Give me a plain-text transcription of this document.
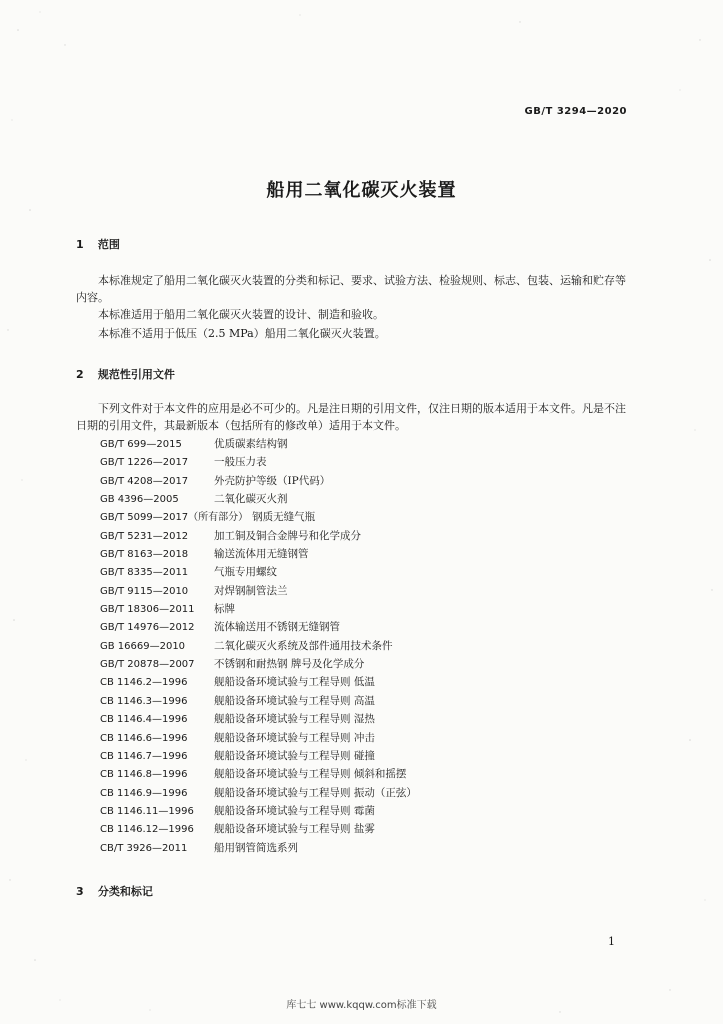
GB/T 3294—2020
船用二氧化碳灭火装置
1 范围
本标准规定了船用二氧化碳灭火装置的分类和标记、要求、试验方法、检验规则、标志、包装、运输和贮存等内容。
本标准适用于船用二氧化碳灭火装置的设计、制造和验收。
本标准不适用于低压（2.5 MPa）船用二氧化碳灭火装置。
2 规范性引用文件
下列文件对于本文件的应用是必不可少的。凡是注日期的引用文件，仅注日期的版本适用于本文件。凡是不注日期的引用文件，其最新版本（包括所有的修改单）适用于本文件。
GB/T 699—2015	优质碳素结构钢
GB/T 1226—2017 一般压力表
GB/T 4208—2017 外壳防护等级（IP代码）
GB 4396—2005	二氧化碳灭火剂
GB/T 5099—2017（所有部分） 钢质无缝气瓶
GB/T 5231—2012 加工铜及铜合金牌号和化学成分
GB/T 8163—2018 输送流体用无缝钢管
GB/T 8335—2011 气瓶专用螺纹
GB/T 9115—2010 对焊钢制管法兰
GB/T 18306—2011 标牌
GB/T 14976—2012 流体输送用不锈钢无缝钢管
GB 16669—2010	二氧化碳灭火系统及部件通用技术条件
GB/T 20878—2007 不锈钢和耐热钢 牌号及化学成分
CB 1146.2—1996	舰船设备环境试验与工程导则 低温
CB 1146.3—1996	舰船设备环境试验与工程导则 高温
CB 1146.4—1996	舰船设备环境试验与工程导则 湿热
CB 1146.6—1996	舰船设备环境试验与工程导则 冲击
CB 1146.7—1996	舰船设备环境试验与工程导则 碰撞
CB 1146.8—1996	舰船设备环境试验与工程导则 倾斜和摇摆
CB 1146.9—1996	舰船设备环境试验与工程导则 振动（正弦）
CB 1146.11—1996 舰船设备环境试验与工程导则 霉菌
CB 1146.12—1996 舰船设备环境试验与工程导则 盐雾
CB/T 3926—2011	船用钢管简选系列
3 分类和标记
1
库七七 www.kqqw.com标准下载
